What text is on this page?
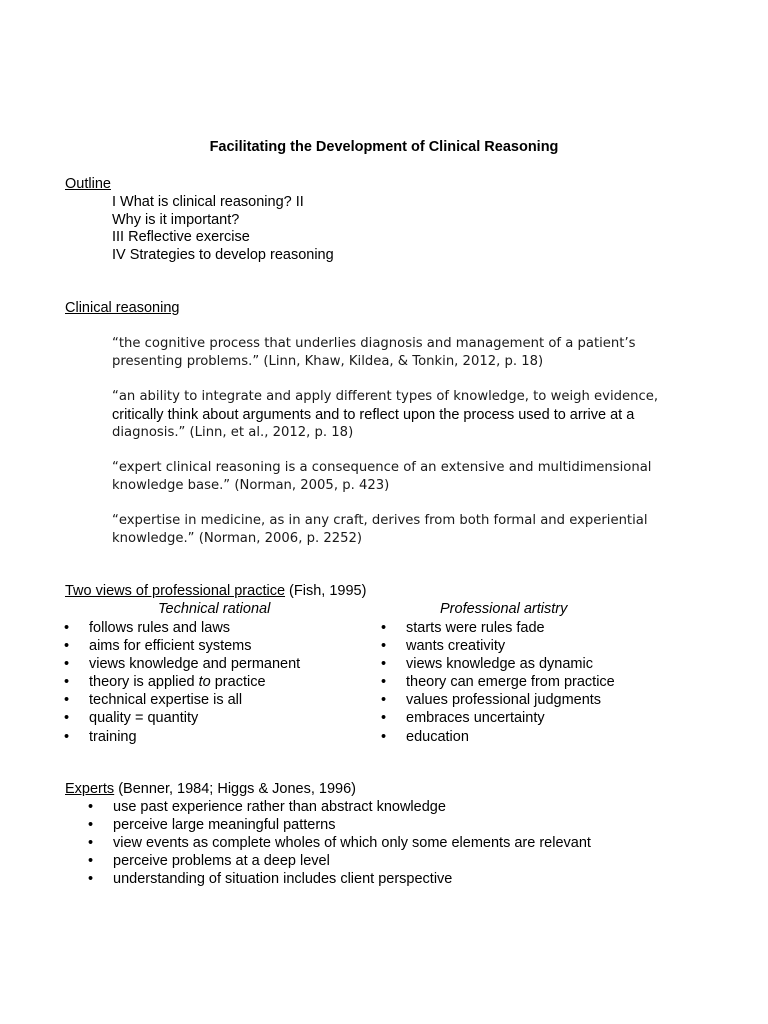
Facilitating the Development of Clinical Reasoning
Outline
I What is clinical reasoning? II
Why is it important?
III Reflective exercise
IV Strategies to develop reasoning
Clinical reasoning
“the cognitive process that underlies diagnosis and management of a patient’s
presenting problems.” (Linn, Khaw, Kildea, & Tonkin, 2012, p. 18)
“an ability to integrate and apply different types of knowledge, to weigh evidence,
critically think about arguments and to reflect upon the process used to arrive at a
diagnosis.” (Linn, et al., 2012, p. 18)
“expert clinical reasoning is a consequence of an extensive and multidimensional
knowledge base.” (Norman, 2005, p. 423)
“expertise in medicine, as in any craft, derives from both formal and experiential
knowledge.” (Norman, 2006, p. 2252)
Two views of professional practice (Fish, 1995)
Technical rational	Professional artistry
• follows rules and laws
• aims for efficient systems
• views knowledge and permanent
• theory is applied to practice
• technical expertise is all
• quality = quantity
• training
• starts were rules fade
• wants creativity
• views knowledge as dynamic
• theory can emerge from practice
• values professional judgments
• embraces uncertainty
• education
Experts (Benner, 1984; Higgs & Jones, 1996)
• use past experience rather than abstract knowledge
• perceive large meaningful patterns
• view events as complete wholes of which only some elements are relevant
• perceive problems at a deep level
• understanding of situation includes client perspective
